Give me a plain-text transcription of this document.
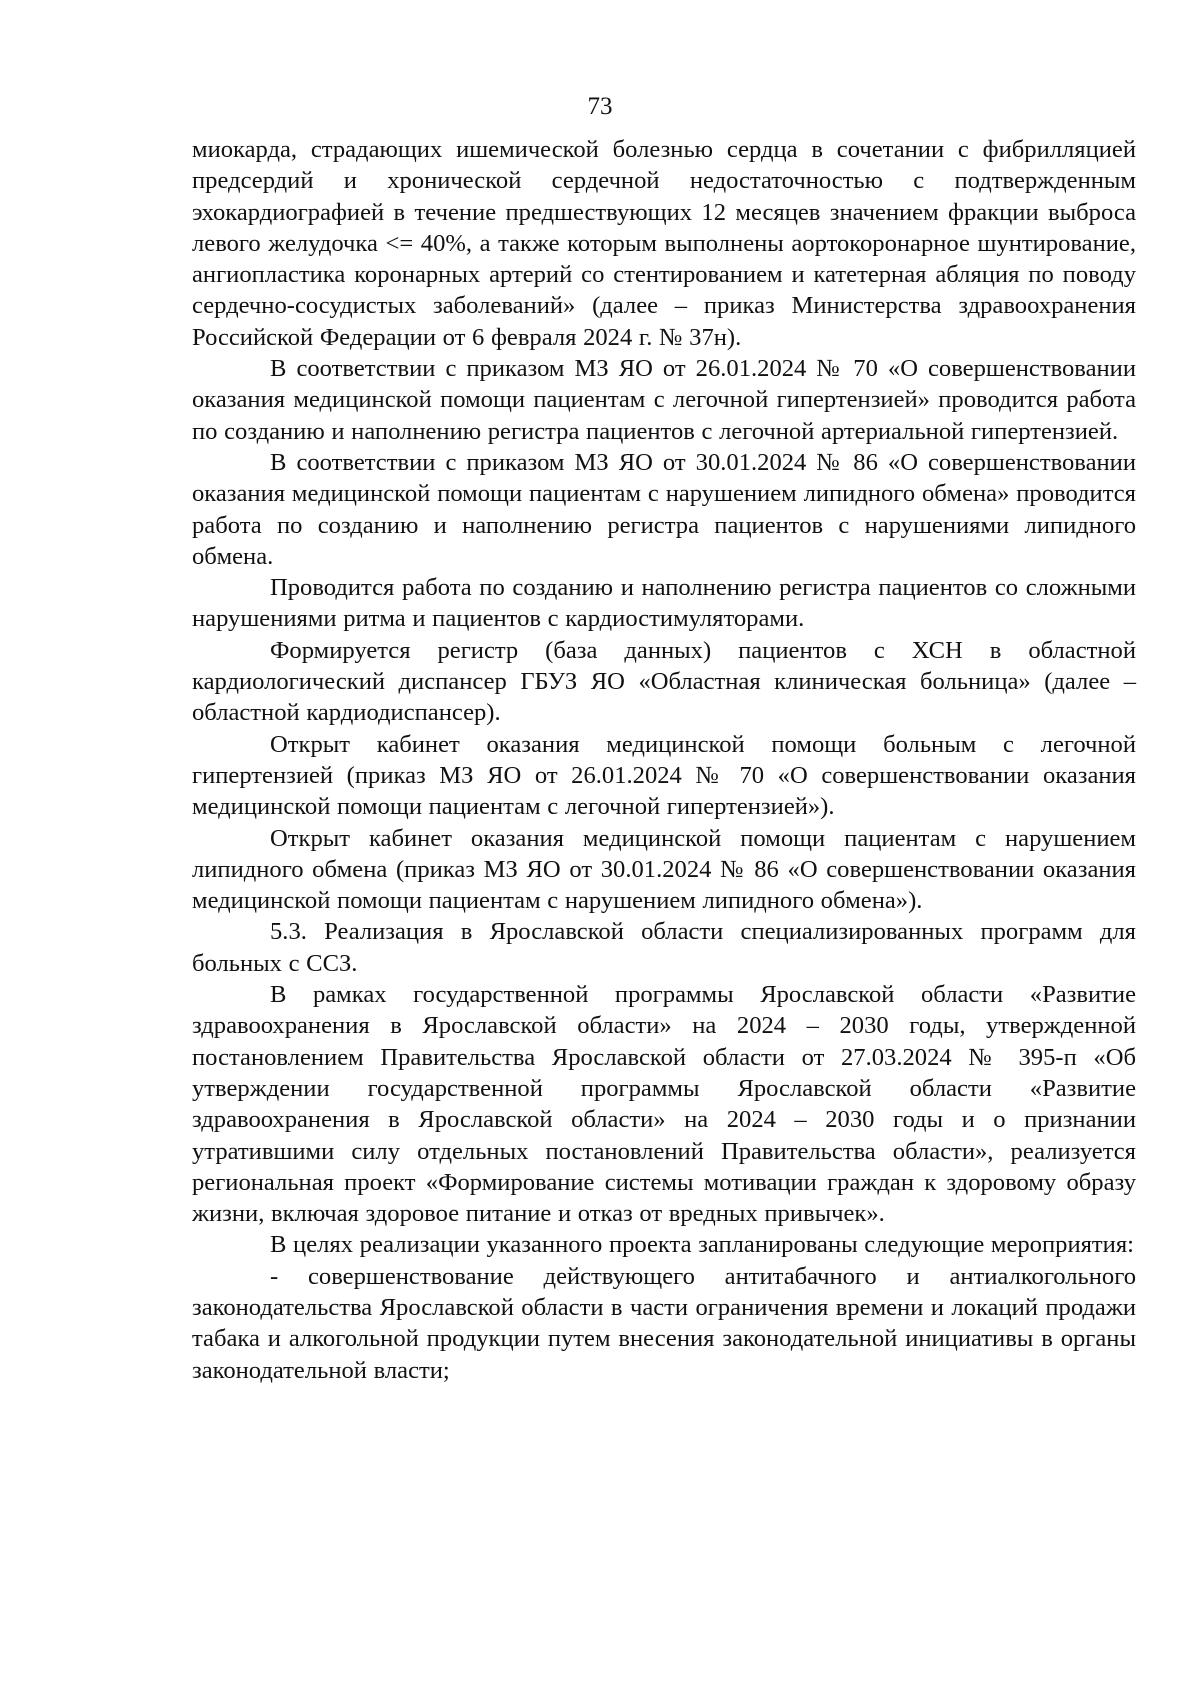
73

миокарда, страдающих ишемической болезнью сердца в сочетании с фибрилляцией предсердий и хронической сердечной недостаточностью с подтвержденным эхокардиографией в течение предшествующих 12 месяцев значением фракции выброса левого желудочка <= 40%, а также которым выполнены аортокоронарное шунтирование, ангиопластика коронарных артерий со стентированием и катетерная абляция по поводу сердечно-сосудистых заболеваний» (далее – приказ Министерства здравоохранения Российской Федерации от 6 февраля 2024 г. № 37н).

В соответствии с приказом МЗ ЯО от 26.01.2024 № 70 «О совершенствовании оказания медицинской помощи пациентам с легочной гипертензией» проводится работа по созданию и наполнению регистра пациентов с легочной артериальной гипертензией.

В соответствии с приказом МЗ ЯО от 30.01.2024 № 86 «О совершенствовании оказания медицинской помощи пациентам с нарушением липидного обмена» проводится работа по созданию и наполнению регистра пациентов с нарушениями липидного обмена.

Проводится работа по созданию и наполнению регистра пациентов со сложными нарушениями ритма и пациентов с кардиостимуляторами.

Формируется регистр (база данных) пациентов с ХСН в областной кардиологический диспансер ГБУЗ ЯО «Областная клиническая больница» (далее – областной кардиодиспансер).

Открыт кабинет оказания медицинской помощи больным с легочной гипертензией (приказ МЗ ЯО от 26.01.2024 № 70 «О совершенствовании оказания медицинской помощи пациентам с легочной гипертензией»).

Открыт кабинет оказания медицинской помощи пациентам с нарушением липидного обмена (приказ МЗ ЯО от 30.01.2024 № 86 «О совершенствовании оказания медицинской помощи пациентам с нарушением липидного обмена»).

5.3. Реализация в Ярославской области специализированных программ для больных с ССЗ.

В рамках государственной программы Ярославской области «Развитие здравоохранения в Ярославской области» на 2024 – 2030 годы, утвержденной постановлением Правительства Ярославской области от 27.03.2024 № 395-п «Об утверждении государственной программы Ярославской области «Развитие здравоохранения в Ярославской области» на 2024 – 2030 годы и о признании утратившими силу отдельных постановлений Правительства области», реализуется региональная проект «Формирование системы мотивации граждан к здоровому образу жизни, включая здоровое питание и отказ от вредных привычек».

В целях реализации указанного проекта запланированы следующие мероприятия:

- совершенствование действующего антитабачного и антиалкогольного законодательства Ярославской области в части ограничения времени и локаций продажи табака и алкогольной продукции путем внесения законодательной инициативы в органы законодательной власти;
